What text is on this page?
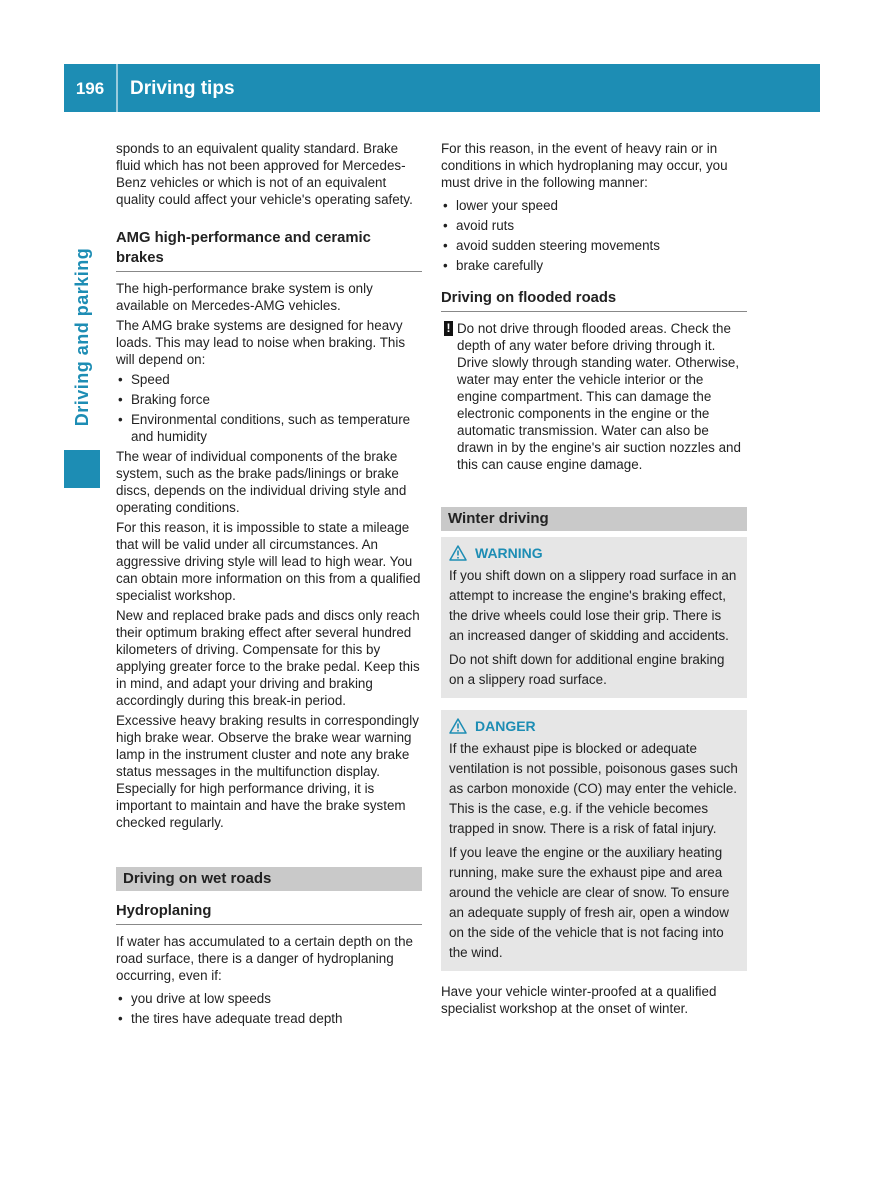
196	Driving tips
Driving and parking

sponds to an equivalent quality standard. Brake fluid which has not been approved for Mercedes-Benz vehicles or which is not of an equivalent quality could affect your vehicle's operating safety.

AMG high-performance and ceramic brakes

The high-performance brake system is only available on Mercedes-AMG vehicles.

The AMG brake systems are designed for heavy loads. This may lead to noise when braking. This will depend on:

• Speed
• Braking force
• Environmental conditions, such as temperature and humidity

The wear of individual components of the brake system, such as the brake pads/linings or brake discs, depends on the individual driving style and operating conditions.

For this reason, it is impossible to state a mileage that will be valid under all circumstances. An aggressive driving style will lead to high wear. You can obtain more information on this from a qualified specialist workshop.

New and replaced brake pads and discs only reach their optimum braking effect after several hundred kilometers of driving. Compensate for this by applying greater force to the brake pedal. Keep this in mind, and adapt your driving and braking accordingly during this break-in period.

Excessive heavy braking results in correspondingly high brake wear. Observe the brake wear warning lamp in the instrument cluster and note any brake status messages in the multifunction display. Especially for high performance driving, it is important to maintain and have the brake system checked regularly.

Driving on wet roads
Hydroplaning

If water has accumulated to a certain depth on the road surface, there is a danger of hydroplaning occurring, even if:

• you drive at low speeds
• the tires have adequate tread depth

For this reason, in the event of heavy rain or in conditions in which hydroplaning may occur, you must drive in the following manner:

• lower your speed
• avoid ruts
• avoid sudden steering movements
• brake carefully
Driving on flooded roads
! Do not drive through flooded areas. Check the depth of any water before driving through it. Drive slowly through standing water. Otherwise, water may enter the vehicle interior or the engine compartment. This can damage the electronic components in the engine or the automatic transmission. Water can also be drawn in by the engine's air suction nozzles and this can cause engine damage.
Winter driving
WARNING

If you shift down on a slippery road surface in an attempt to increase the engine's braking effect, the drive wheels could lose their grip. There is an increased danger of skidding and accidents.

Do not shift down for additional engine braking on a slippery road surface.

DANGER

If the exhaust pipe is blocked or adequate ventilation is not possible, poisonous gases such as carbon monoxide (CO) may enter the vehicle. This is the case, e.g. if the vehicle becomes trapped in snow. There is a risk of fatal injury.

If you leave the engine or the auxiliary heating running, make sure the exhaust pipe and area around the vehicle are clear of snow. To ensure an adequate supply of fresh air, open a window on the side of the vehicle that is not facing into the wind.

Have your vehicle winter-proofed at a qualified specialist workshop at the onset of winter.
